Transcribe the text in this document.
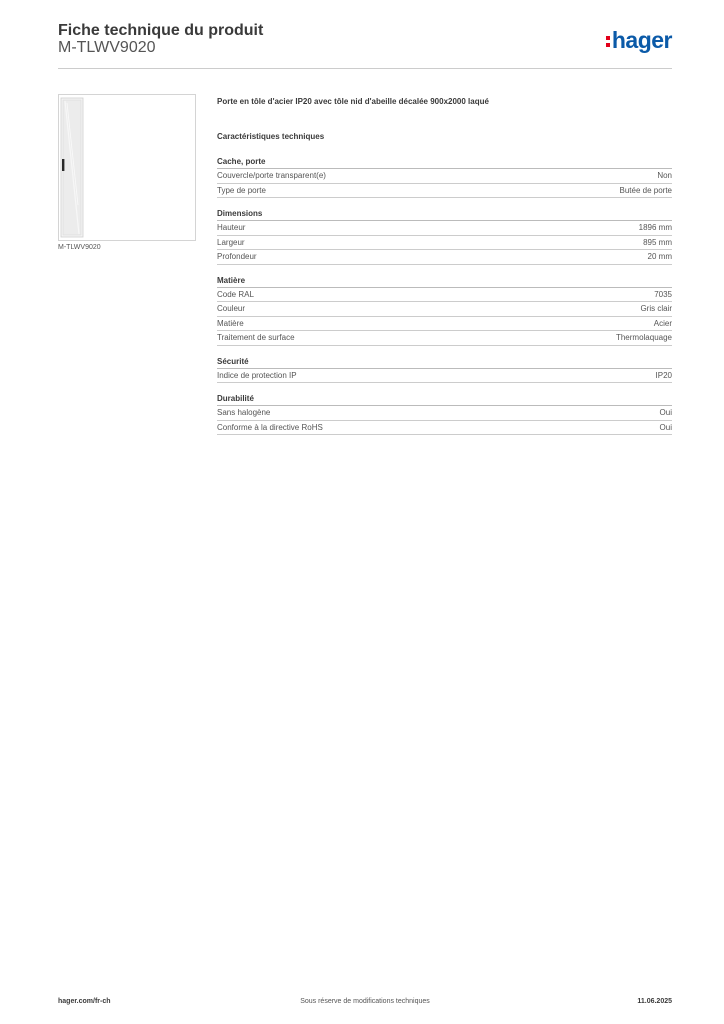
Fiche technique du produit
M-TLWV9020	hager
M-TLWV9020
Porte en tôle d'acier IP20 avec tôle nid d'abeille décalée 900x2000 laqué
Caractéristiques techniques
Cache, porte
Couvercle/porte transparent(e)	Non
Type de porte	Butée de porte
Dimensions
Hauteur	1896 mm
Largeur	895 mm
Profondeur	20 mm
Matière
Code RAL	7035
Couleur	Gris clair
Matière	Acier
Traitement de surface	Thermolaquage
Sécurité
Indice de protection IP	IP20
Durabilité
Sans halogène	Oui
Conforme à la directive RoHS	Oui
hager.com/fr-ch	Sous réserve de modifications techniques	11.06.2025
